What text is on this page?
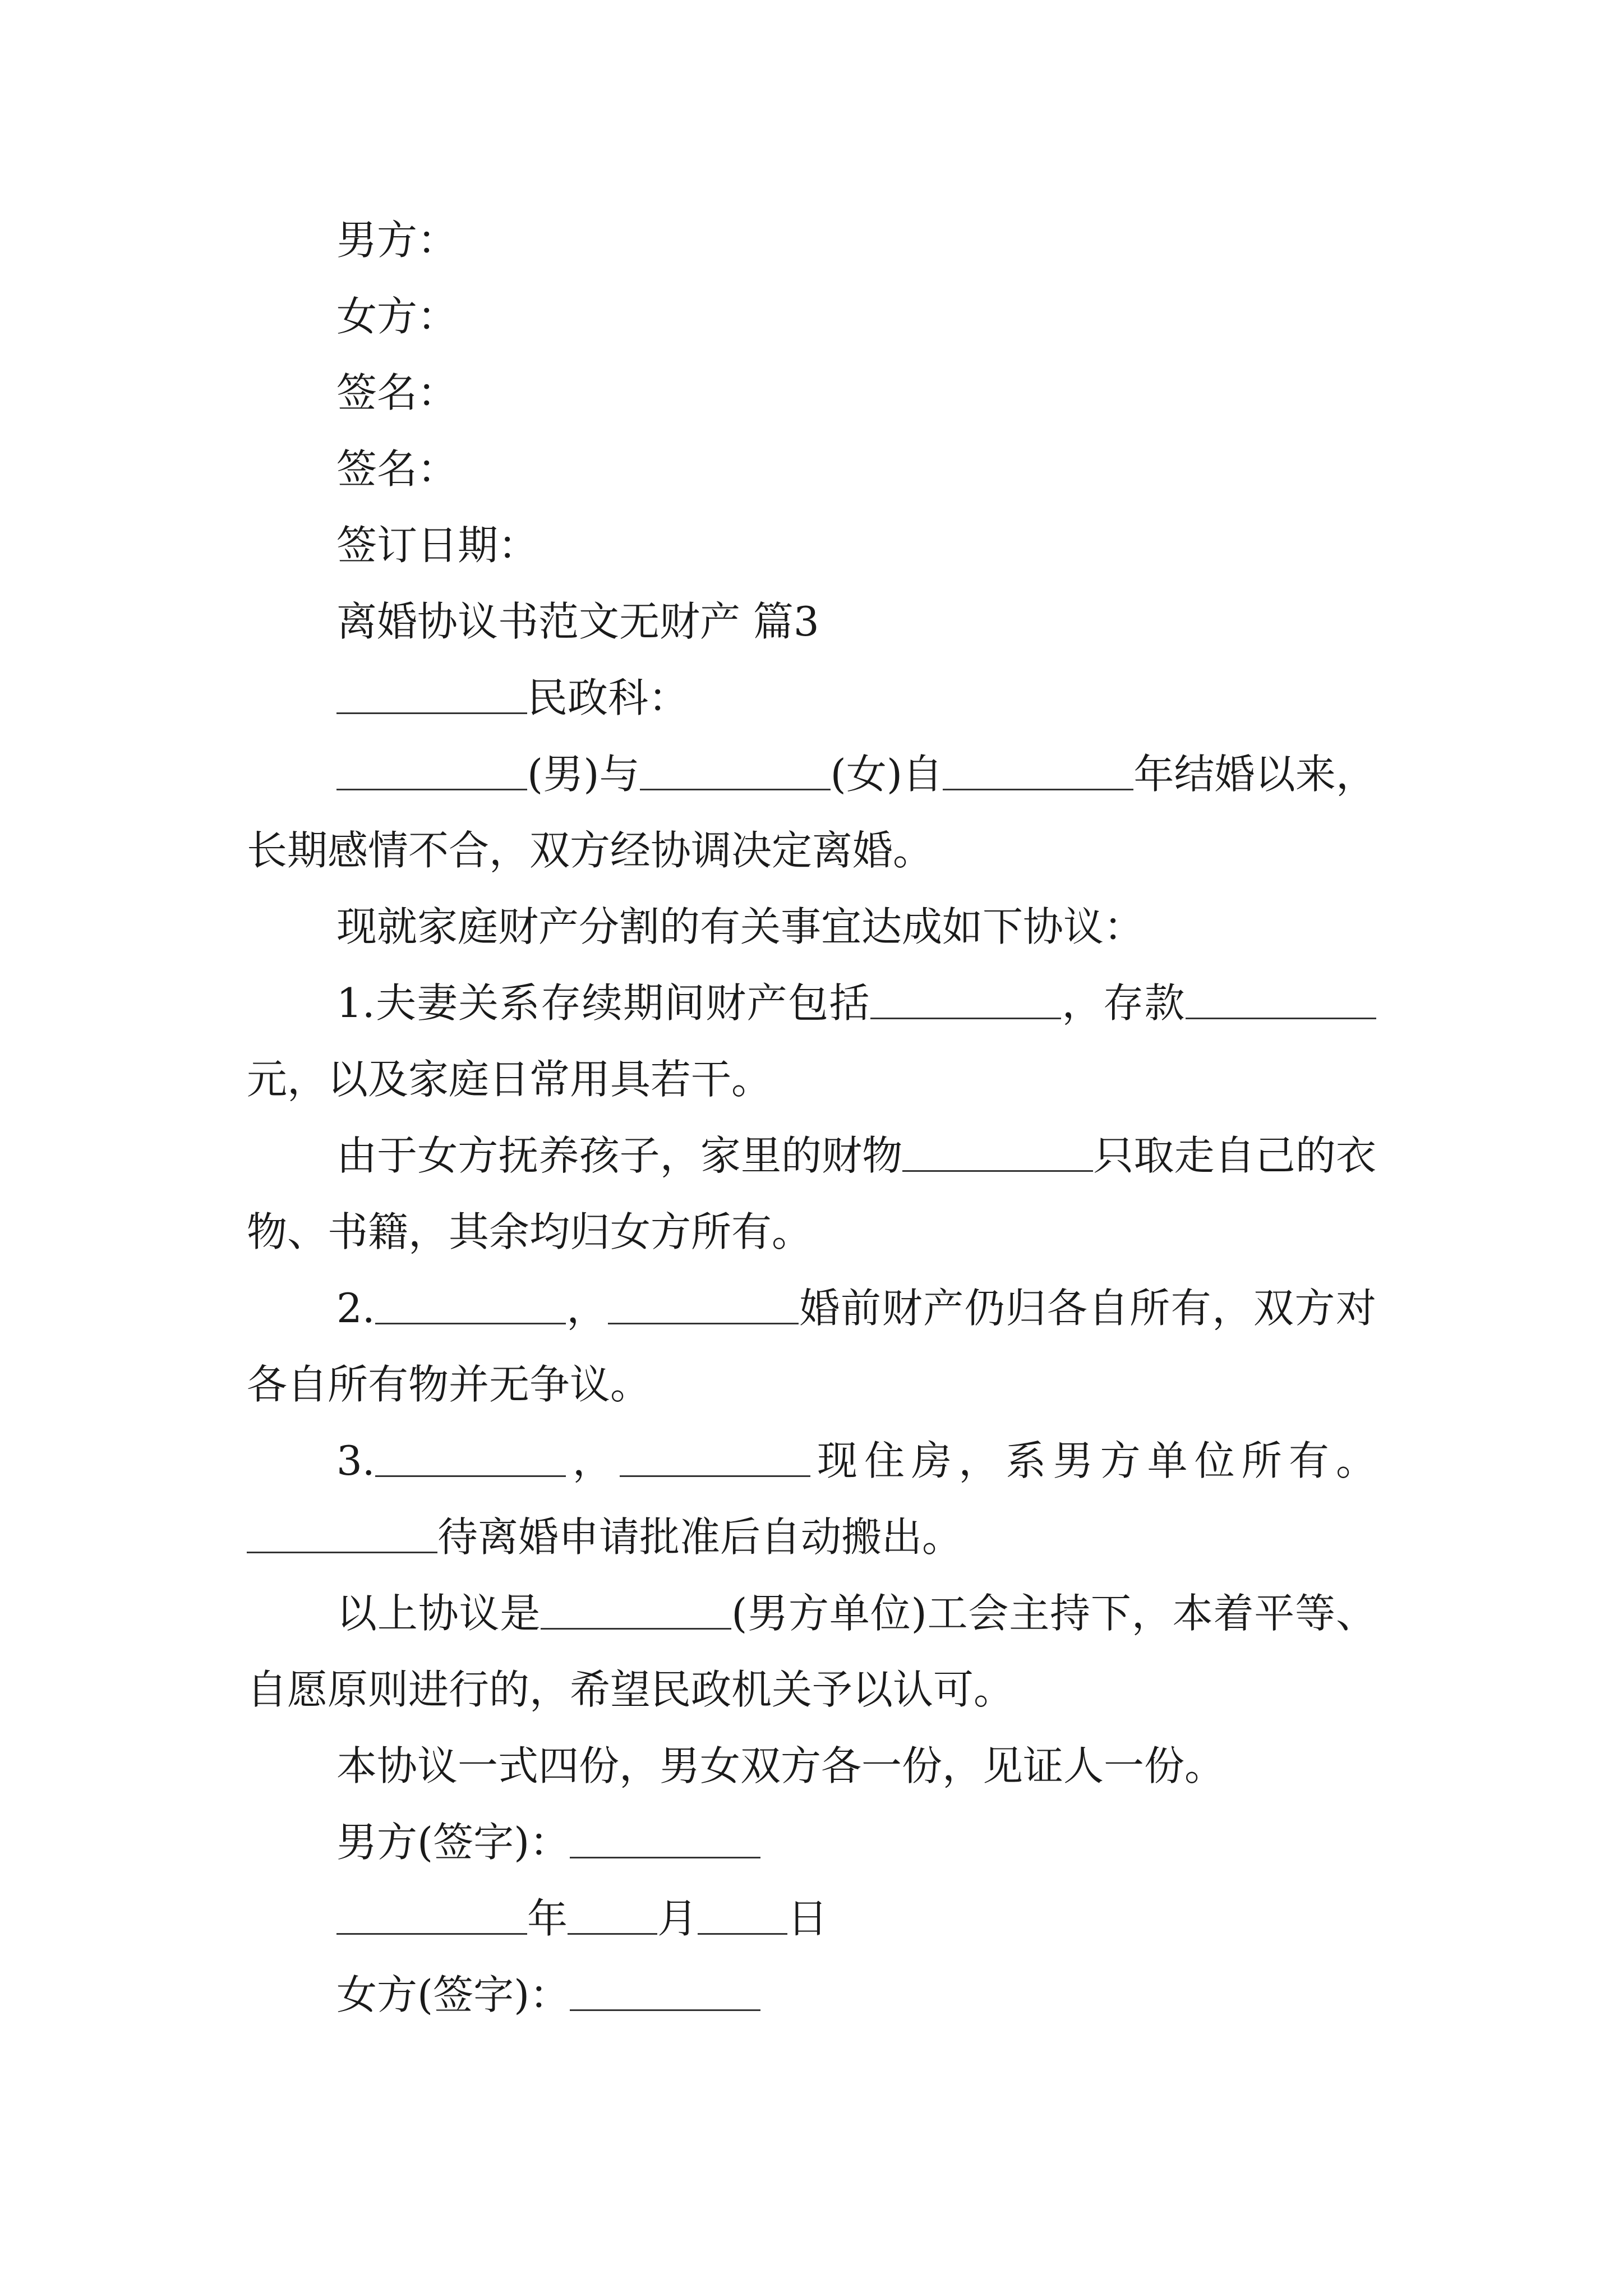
男方：

女方：

签名：

签名：

签订日期：

离婚协议书范文无财产 篇3

民政科：

(男)与	(女)自	年结婚以来，长期感情不合，双方经协调决定离婚。

现就家庭财产分割的有关事宜达成如下协议：

1.夫妻关系存续期间财产包括	，存款元，以及家庭日常用具若干。

由于女方抚养孩子，家里的财物	只取走自己的衣物、书籍，其余均归女方所有。

2.	，	婚前财产仍归各自所有，双方对各自所有物并无争议。

3.	，	现住房，系男方单位所有。待离婚申请批准后自动搬出。

以上协议是	(男方单位)工会主持下，本着平等、自愿原则进行的，希望民政机关予以认可。

本协议一式四份，男女双方各一份，见证人一份。

男方(签字)：

年 月 日

女方(签字)：
